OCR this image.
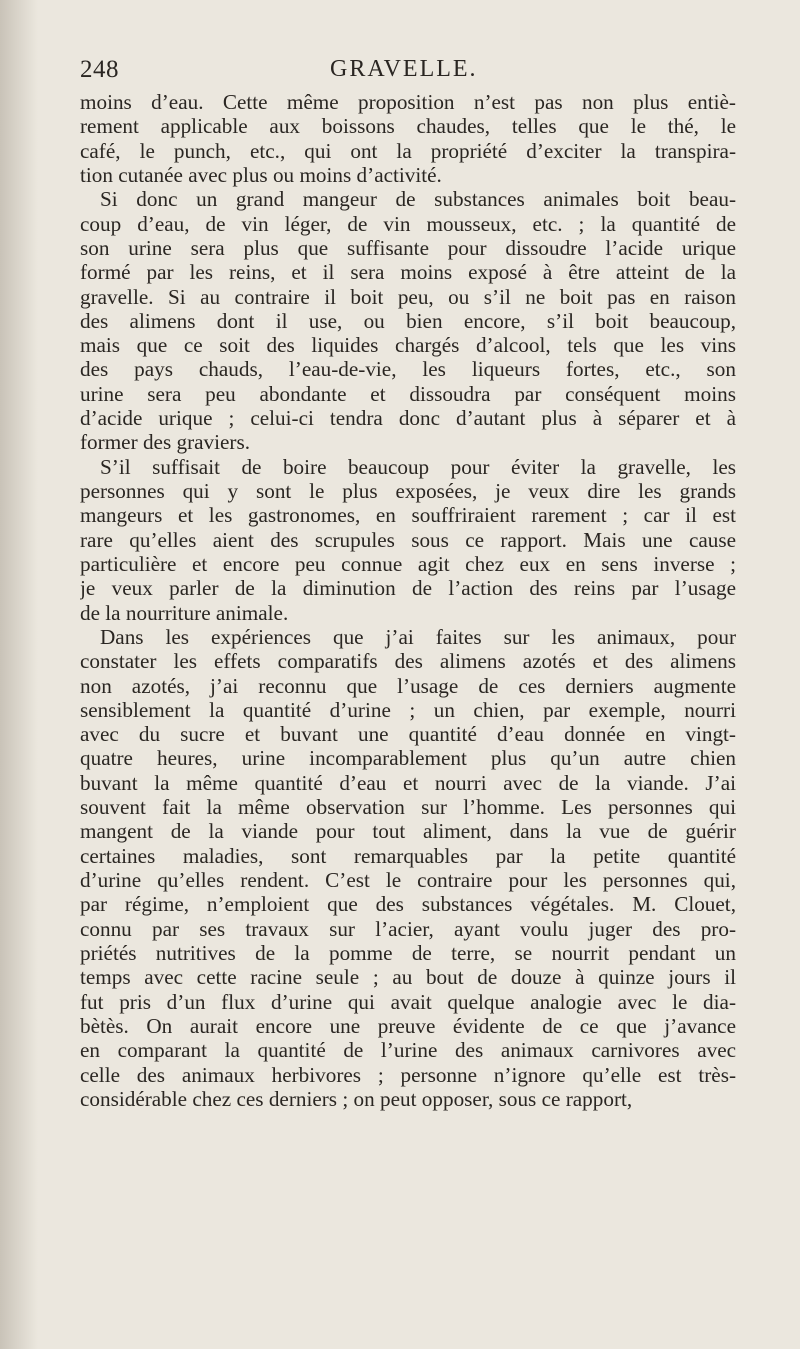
248	GRAVELLE.
moins d’eau. Cette même proposition n’est pas non plus entiè-
rement applicable aux boissons chaudes, telles que le thé, le
café, le punch, etc., qui ont la propriété d’exciter la transpira-
tion cutanée avec plus ou moins d’activité.
Si donc un grand mangeur de substances animales boit beau-
coup d’eau, de vin léger, de vin mousseux, etc. ; la quantité de
son urine sera plus que suffisante pour dissoudre l’acide urique
formé par les reins, et il sera moins exposé à être atteint de la
gravelle. Si au contraire il boit peu, ou s’il ne boit pas en raison
des alimens dont il use, ou bien encore, s’il boit beaucoup,
mais que ce soit des liquides chargés d’alcool, tels que les vins
des pays chauds, l’eau-de-vie, les liqueurs fortes, etc., son
urine sera peu abondante et dissoudra par conséquent moins
d’acide urique ; celui-ci tendra donc d’autant plus à séparer et à
former des graviers.
S’il suffisait de boire beaucoup pour éviter la gravelle, les
personnes qui y sont le plus exposées, je veux dire les grands
mangeurs et les gastronomes, en souffriraient rarement ; car il est
rare qu’elles aient des scrupules sous ce rapport. Mais une cause
particulière et encore peu connue agit chez eux en sens inverse ;
je veux parler de la diminution de l’action des reins par l’usage
de la nourriture animale.
Dans les expériences que j’ai faites sur les animaux, pour
constater les effets comparatifs des alimens azotés et des alimens
non azotés, j’ai reconnu que l’usage de ces derniers augmente
sensiblement la quantité d’urine ; un chien, par exemple, nourri
avec du sucre et buvant une quantité d’eau donnée en vingt-
quatre heures, urine incomparablement plus qu’un autre chien
buvant la même quantité d’eau et nourri avec de la viande. J’ai
souvent fait la même observation sur l’homme. Les personnes qui
mangent de la viande pour tout aliment, dans la vue de guérir
certaines maladies, sont remarquables par la petite quantité
d’urine qu’elles rendent. C’est le contraire pour les personnes qui,
par régime, n’emploient que des substances végétales. M. Clouet,
connu par ses travaux sur l’acier, ayant voulu juger des pro-
priétés nutritives de la pomme de terre, se nourrit pendant un
temps avec cette racine seule ; au bout de douze à quinze jours il
fut pris d’un flux d’urine qui avait quelque analogie avec le dia-
bètès. On aurait encore une preuve évidente de ce que j’avance
en comparant la quantité de l’urine des animaux carnivores avec
celle des animaux herbivores ; personne n’ignore qu’elle est très-
considérable chez ces derniers ; on peut opposer, sous ce rapport,
